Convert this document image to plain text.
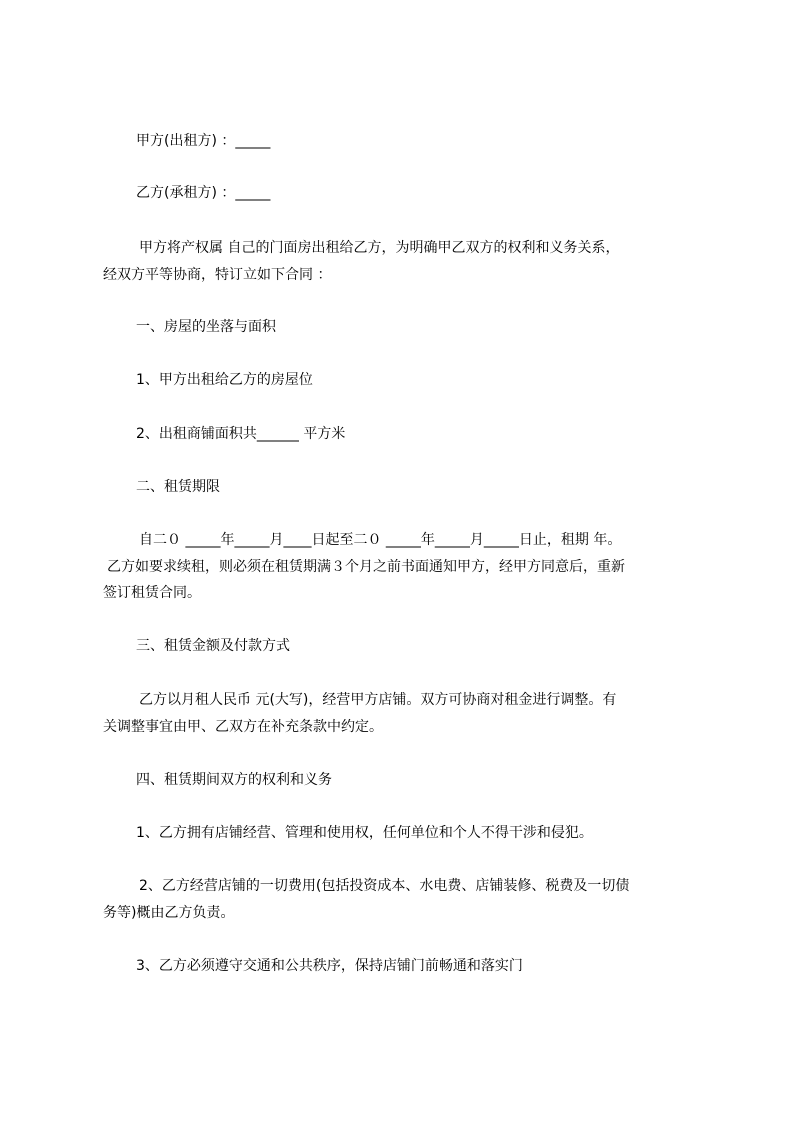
甲方(出租方) ：_____
乙方(承租方) ：_____
甲方将产权属 自己的门面房出租给乙方，为明确甲乙双方的权利和义务关系，
经双方平等协商，特订立如下合同 ：
一、房屋的坐落与面积
1、甲方出租给乙方的房屋位
2、出租商铺面积共______ 平方米
二、租赁期限
自二０ _____年_____月____日起至二０ _____年_____月_____日止，租期 年。
乙方如要求续租，则必须在租赁期满３个月之前书面通知甲方，经甲方同意后，重新
签订租赁合同。
三、租赁金额及付款方式
乙方以月租人民币 元(大写)，经营甲方店铺。双方可协商对租金进行调整。有
关调整事宜由甲、乙双方在补充条款中约定。
四、租赁期间双方的权利和义务
1、乙方拥有店铺经营、管理和使用权，任何单位和个人不得干涉和侵犯。
2、乙方经营店铺的一切费用(包括投资成本、水电费、店铺装修、税费及一切债
务等)概由乙方负责。
3、乙方必须遵守交通和公共秩序，保持店铺门前畅通和落实门
